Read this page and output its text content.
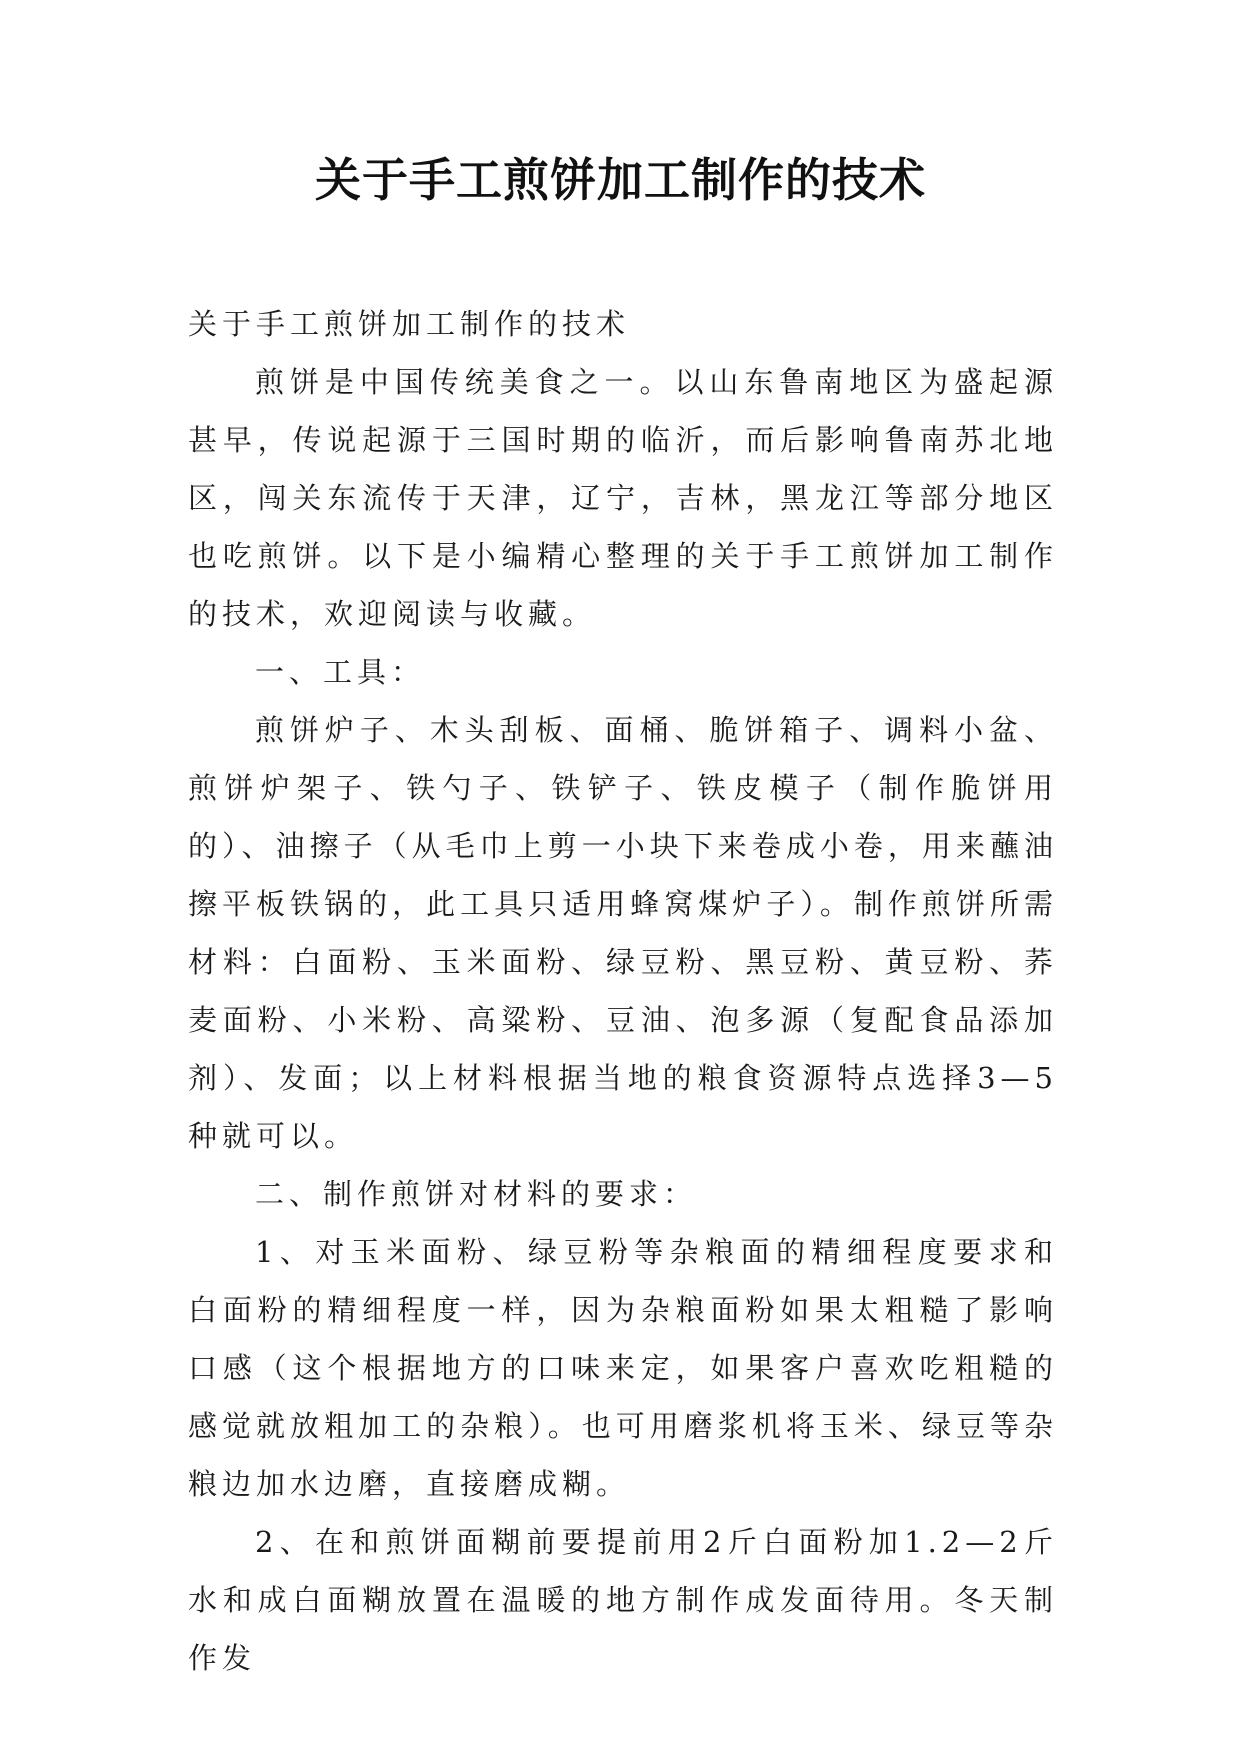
关于手工煎饼加工制作的技术

关于手工煎饼加工制作的技术

煎饼是中国传统美食之一。以山东鲁南地区为盛起源甚早，传说起源于三国时期的临沂，而后影响鲁南苏北地区，闯关东流传于天津，辽宁，吉林，黑龙江等部分地区也吃煎饼。以下是小编精心整理的关于手工煎饼加工制作的技术，欢迎阅读与收藏。

一、工具：

煎饼炉子、木头刮板、面桶、脆饼箱子、调料小盆、煎饼炉架子、铁勺子、铁铲子、铁皮模子（制作脆饼用的）、油擦子（从毛巾上剪一小块下来卷成小卷，用来蘸油擦平板铁锅的，此工具只适用蜂窝煤炉子）。制作煎饼所需材料：白面粉、玉米面粉、绿豆粉、黑豆粉、黄豆粉、荞麦面粉、小米粉、高粱粉、豆油、泡多源（复配食品添加剂）、发面；以上材料根据当地的粮食资源特点选择3—5种就可以。

二、制作煎饼对材料的要求：

1、对玉米面粉、绿豆粉等杂粮面的精细程度要求和白面粉的精细程度一样，因为杂粮面粉如果太粗糙了影响口感（这个根据地方的口味来定，如果客户喜欢吃粗糙的感觉就放粗加工的杂粮）。也可用磨浆机将玉米、绿豆等杂粮边加水边磨，直接磨成糊。

2、在和煎饼面糊前要提前用2斤白面粉加1.2—2斤水和成白面糊放置在温暖的地方制作成发面待用。冬天制作发
